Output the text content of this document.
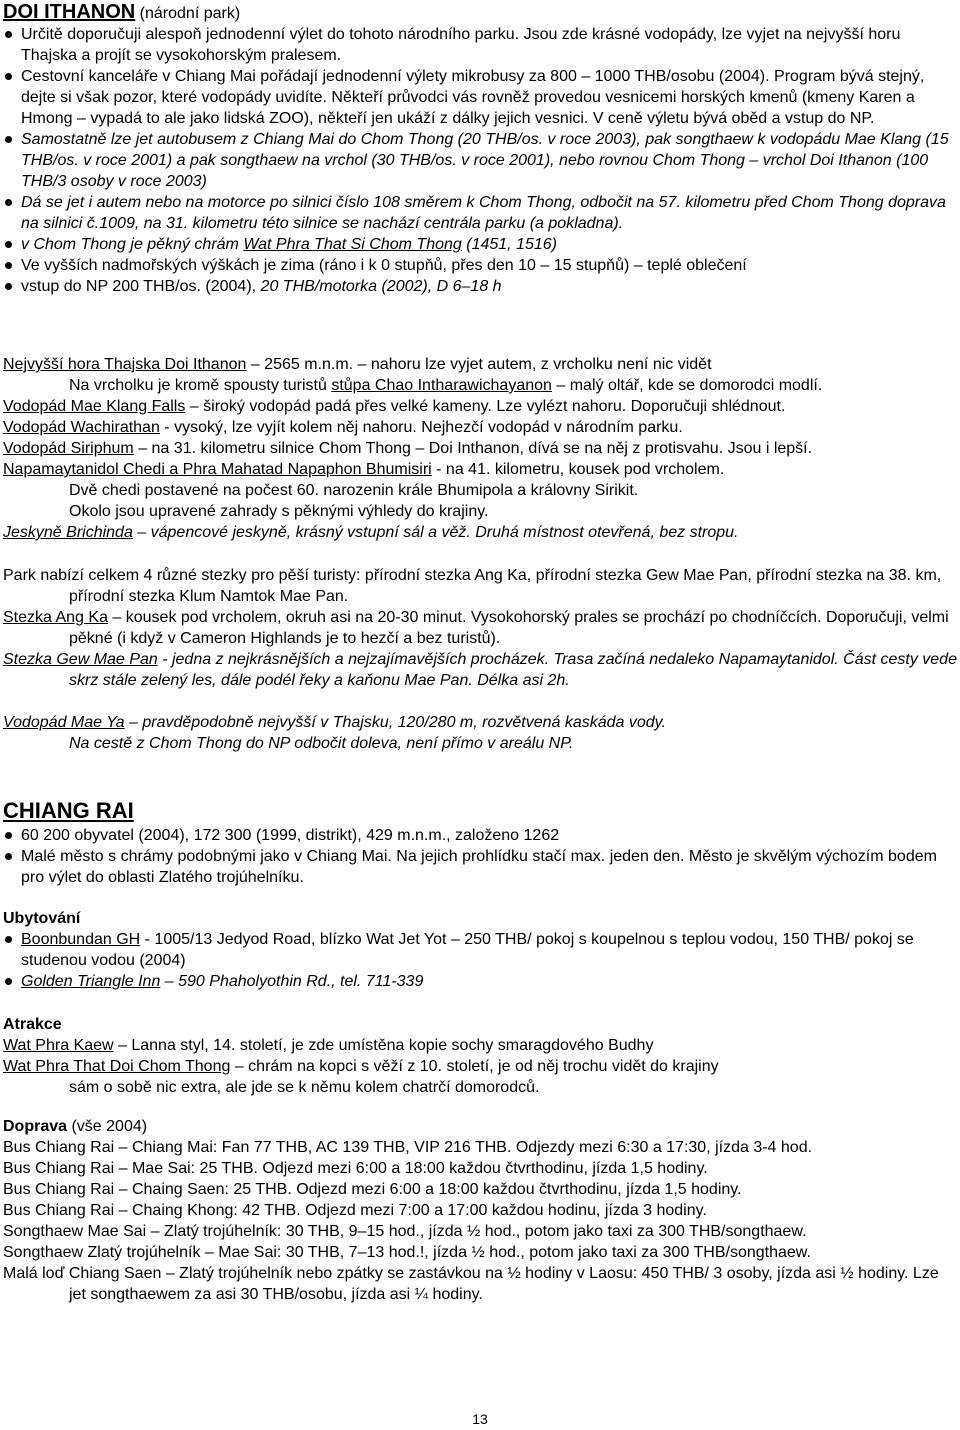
DOI ITHANON (národní park)
Určitě doporučuji alespoň jednodenní výlet do tohoto národního parku. Jsou zde krásné vodopády, lze vyjet na nejvyšší horu Thajska a projít se vysokohorským pralesem.
Cestovní kanceláře v Chiang Mai pořádají jednodenní výlety mikrobusy za 800 – 1000 THB/osobu (2004). Program bývá stejný, dejte si však pozor, které vodopády uvidíte. Někteří průvodci vás rovněž provedou vesnicemi horských kmenů (kmeny Karen a Hmong – vypadá to ale jako lidská ZOO), někteří jen ukáží z dálky jejich vesnici. V ceně výletu bývá oběd a vstup do NP.
Samostatně lze jet autobusem z Chiang Mai do Chom Thong (20 THB/os. v roce 2003), pak songthaew k vodopádu Mae Klang (15 THB/os. v roce 2001) a pak songthaew na vrchol (30 THB/os. v roce 2001), nebo rovnou Chom Thong – vrchol Doi Ithanon (100 THB/3 osoby v roce 2003)
Dá se jet i autem nebo na motorce po silnici číslo 108 směrem k Chom Thong, odbočit na 57. kilometru před Chom Thong doprava na silnici č.1009, na 31. kilometru této silnice se nachází centrála parku (a pokladna).
v Chom Thong je pěkný chrám Wat Phra That Si Chom Thong (1451, 1516)
Ve vyšších nadmořských výškách je zima (ráno i k 0 stupňů, přes den 10 – 15 stupňů) – teplé oblečení
vstup do NP 200 THB/os. (2004), 20 THB/motorka (2002), D 6–18 h

Nejvyšší hora Thajska Doi Ithanon – 2565 m.n.m. – nahoru lze vyjet autem, z vrcholku není nic vidět

Na vrcholku je kromě spousty turistů stůpa Chao Intharawichayanon – malý oltář, kde se domorodci modlí.

Vodopád Mae Klang Falls – široký vodopád padá přes velké kameny. Lze vylézt nahoru. Doporučuji shlédnout.

Vodopád Wachirathan - vysoký, lze vyjít kolem něj nahoru. Nejhezčí vodopád v národním parku.

Vodopád Siriphum – na 31. kilometru silnice Chom Thong – Doi Inthanon, dívá se na něj z protisvahu. Jsou i lepší.

Napamaytanidol Chedi a Phra Mahatad Napaphon Bhumisiri - na 41. kilometru, kousek pod vrcholem.

Dvě chedi postavené na počest 60. narozenin krále Bhumipola a královny Sirikit.

Okolo jsou upravené zahrady s pěknými výhledy do krajiny.

Jeskyně Brichinda – vápencové jeskyně, krásný vstupní sál a věž. Druhá místnost otevřená, bez stropu.

Park nabízí celkem 4 různé stezky pro pěší turisty: přírodní stezka Ang Ka, přírodní stezka Gew Mae Pan, přírodní stezka na 38. km, přírodní stezka Klum Namtok Mae Pan.

Stezka Ang Ka – kousek pod vrcholem, okruh asi na 20-30 minut. Vysokohorský prales se prochází po chodníčcích. Doporučuji, velmi pěkné (i když v Cameron Highlands je to hezčí a bez turistů).

Stezka Gew Mae Pan - jedna z nejkrásnějších a nejzajímavějších procházek. Trasa začíná nedaleko Napamaytanidol. Část cesty vede skrz stále zelený les, dále podél řeky a kaňonu Mae Pan. Délka asi 2h.

Vodopád Mae Ya – pravděpodobně nejvyšší v Thajsku, 120/280 m, rozvětvená kaskáda vody.

Na cestě z Chom Thong do NP odbočit doleva, není přímo v areálu NP.

CHIANG RAI
60 200 obyvatel (2004), 172 300 (1999, distrikt), 429 m.n.m., založeno 1262
Malé město s chrámy podobnými jako v Chiang Mai. Na jejich prohlídku stačí max. jeden den. Město je skvělým výchozím bodem pro výlet do oblasti Zlatého trojúhelníku.
Ubytování
Boonbundan GH - 1005/13 Jedyod Road, blízko Wat Jet Yot – 250 THB/ pokoj s koupelnou s teplou vodou, 150 THB/ pokoj se studenou vodou (2004)
Golden Triangle Inn – 590 Phaholyothin Rd., tel. 711-339
Atrakce

Wat Phra Kaew – Lanna styl, 14. století, je zde umístěna kopie sochy smaragdového Budhy

Wat Phra That Doi Chom Thong – chrám na kopci s věží z 10. století, je od něj trochu vidět do krajiny

sám o sobě nic extra, ale jde se k němu kolem chatrčí domorodců.

Doprava (vše 2004)

Bus Chiang Rai – Chiang Mai: Fan 77 THB, AC 139 THB, VIP 216 THB. Odjezdy mezi 6:30 a 17:30, jízda 3-4 hod.

Bus Chiang Rai – Mae Sai: 25 THB. Odjezd mezi 6:00 a 18:00 každou čtvrthodinu, jízda 1,5 hodiny.

Bus Chiang Rai – Chaing Saen: 25 THB. Odjezd mezi 6:00 a 18:00 každou čtvrthodinu, jízda 1,5 hodiny.

Bus Chiang Rai – Chaing Khong: 42 THB. Odjezd mezi 7:00 a 17:00 každou hodinu, jízda 3 hodiny.

Songthaew Mae Sai – Zlatý trojúhelník: 30 THB, 9–15 hod., jízda ½ hod., potom jako taxi za 300 THB/songthaew.

Songthaew Zlatý trojúhelník – Mae Sai: 30 THB, 7–13 hod.!, jízda ½ hod., potom jako taxi za 300 THB/songthaew.

Malá loď Chiang Saen – Zlatý trojúhelník nebo zpátky se zastávkou na ½ hodiny v Laosu: 450 THB/ 3 osoby, jízda asi ½ hodiny. Lze jet songthaewem za asi 30 THB/osobu, jízda asi ¼ hodiny.

13
